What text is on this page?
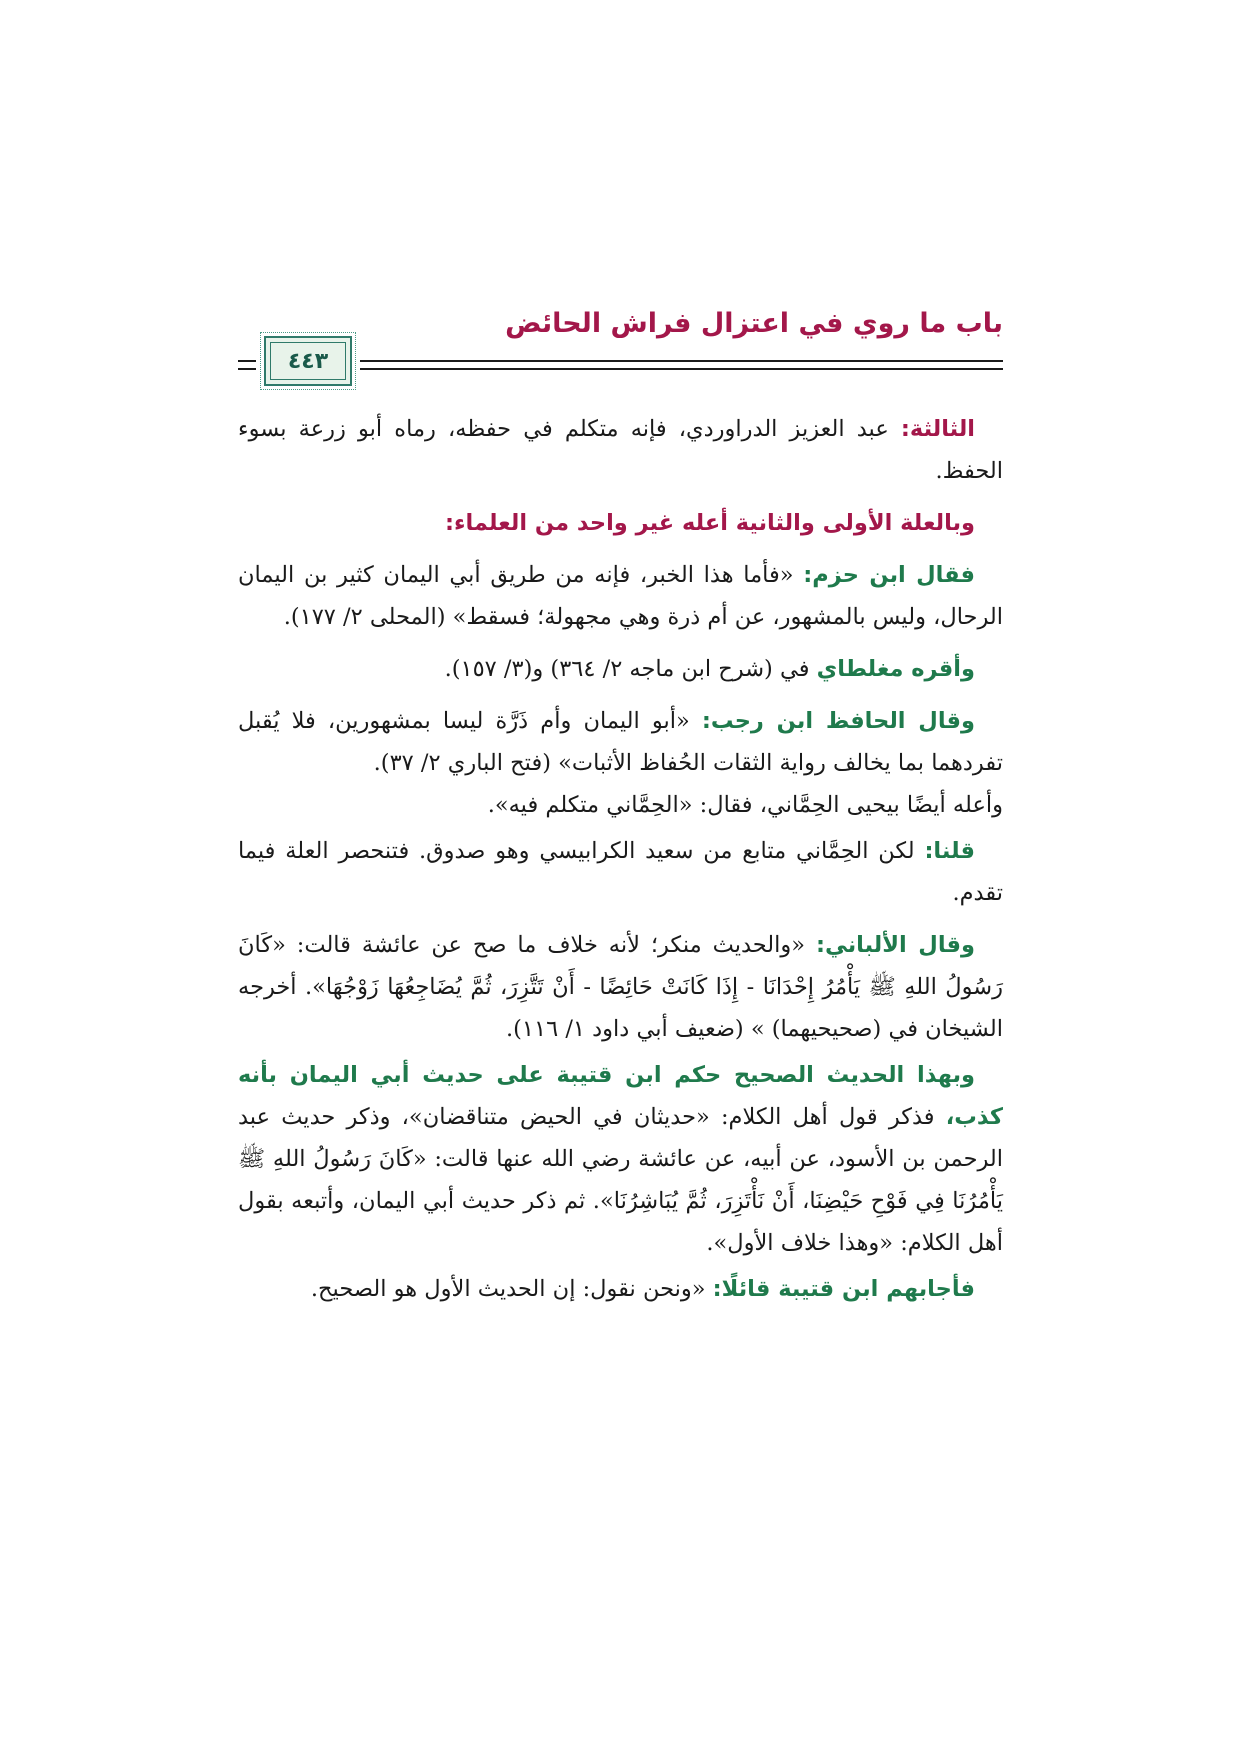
باب ما روي في اعتزال فراش الحائض
٤٤٣

الثالثة: عبد العزيز الدراوردي، فإنه متكلم في حفظه، رماه أبو زرعة بسوء الحفظ.

وبالعلة الأولى والثانية أعله غير واحد من العلماء:

فقال ابن حزم: «فأما هذا الخبر، فإنه من طريق أبي اليمان كثير بن اليمان الرحال، وليس بالمشهور، عن أم ذرة وهي مجهولة؛ فسقط» (المحلى ٢/ ١٧٧).

وأقره مغلطاي في (شرح ابن ماجه ٢/ ٣٦٤) و(٣/ ١٥٧).

وقال الحافظ ابن رجب: «أبو اليمان وأم ذَرَّة ليسا بمشهورين، فلا يُقبل تفردهما بما يخالف رواية الثقات الحُفاظ الأثبات» (فتح الباري ٢/ ٣٧).
وأعله أيضًا بيحيى الحِمَّاني، فقال: «الحِمَّاني متكلم فيه».

قلنا: لكن الحِمَّاني متابع من سعيد الكرابيسي وهو صدوق. فتنحصر العلة فيما تقدم.

وقال الألباني: «والحديث منكر؛ لأنه خلاف ما صح عن عائشة قالت: «كَانَ رَسُولُ اللهِ ﷺ يَأْمُرُ إِحْدَانَا - إِذَا كَانَتْ حَائِضًا - أَنْ تَتَّزِرَ، ثُمَّ يُضَاجِعُهَا زَوْجُهَا». أخرجه الشيخان في (صحيحيهما) » (ضعيف أبي داود ١/ ١١٦).

وبهذا الحديث الصحيح حكم ابن قتيبة على حديث أبي اليمان بأنه كذب، فذكر قول أهل الكلام: «حديثان في الحيض متناقضان»، وذكر حديث عبد الرحمن بن الأسود، عن أبيه، عن عائشة رضي الله عنها قالت: «كَانَ رَسُولُ اللهِ ﷺ يَأْمُرُنَا فِي فَوْحِ حَيْضِنَا، أَنْ نَأْتَزِرَ، ثُمَّ يُبَاشِرُنَا». ثم ذكر حديث أبي اليمان، وأتبعه بقول أهل الكلام: «وهذا خلاف الأول».

فأجابهم ابن قتيبة قائلًا: «ونحن نقول: إن الحديث الأول هو الصحيح.
